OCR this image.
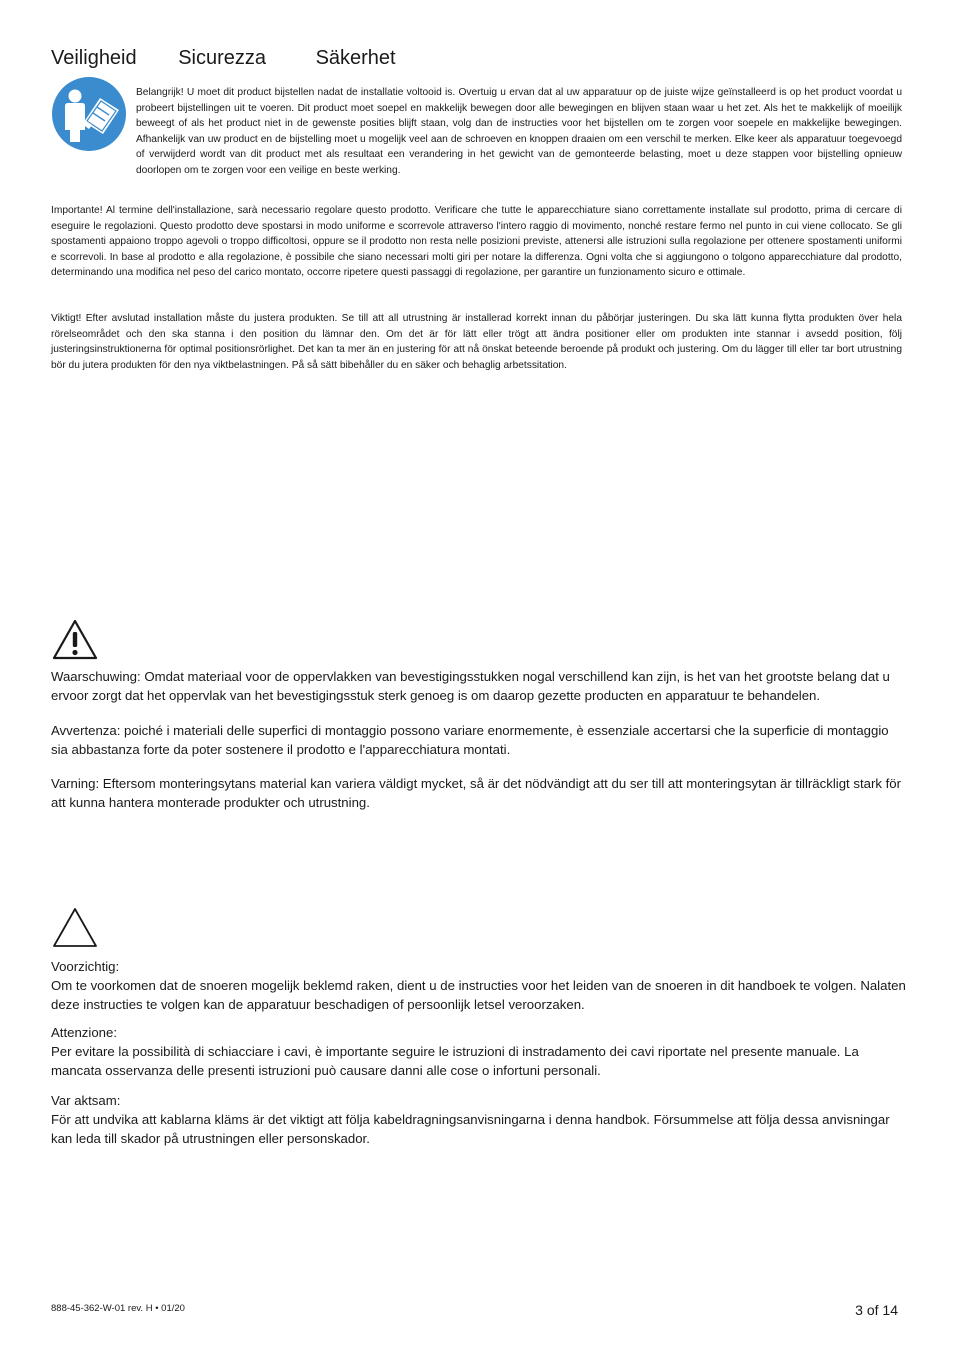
Veiligheid Sicurezza Säkerhet
Belangrijk! U moet dit product bijstellen nadat de installatie voltooid is. Overtuig u ervan dat al uw apparatuur op de juiste wijze geïnstalleerd is op het product voordat u probeert bijstellingen uit te voeren. Dit product moet soepel en makkelijk bewegen door alle bewegingen en blijven staan waar u het zet. Als het te makkelijk of moeilijk beweegt of als het product niet in de gewenste posities blijft staan, volg dan de instructies voor het bijstellen om te zorgen voor soepele en makkelijke bewegingen. Afhankelijk van uw product en de bijstelling moet u mogelijk veel aan de schroeven en knoppen draaien om een verschil te merken. Elke keer als apparatuur toegevoegd of verwijderd wordt van dit product met als resultaat een verandering in het gewicht van de gemonteerde belasting, moet u deze stappen voor bijstelling opnieuw doorlopen om te zorgen voor een veilige en beste werking.
Importante! Al termine dell'installazione, sarà necessario regolare questo prodotto. Verificare che tutte le apparecchiature siano correttamente installate sul prodotto, prima di cercare di eseguire le regolazioni. Questo prodotto deve spostarsi in modo uniforme e scorrevole attraverso l'intero raggio di movimento, nonché restare fermo nel punto in cui viene collocato. Se gli spostamenti appaiono troppo agevoli o troppo difficoltosi, oppure se il prodotto non resta nelle posizioni previste, attenersi alle istruzioni sulla regolazione per ottenere spostamenti uniformi e scorrevoli. In base al prodotto e alla regolazione, è possibile che siano necessari molti giri per notare la differenza. Ogni volta che si aggiungono o tolgono apparecchiature dal prodotto, determinando una modifica nel peso del carico montato, occorre ripetere questi passaggi di regolazione, per garantire un funzionamento sicuro e ottimale.
Viktigt! Efter avslutad installation måste du justera produkten. Se till att all utrustning är installerad korrekt innan du påbörjar justeringen. Du ska lätt kunna flytta produkten över hela rörelseområdet och den ska stanna i den position du lämnar den. Om det är för lätt eller trögt att ändra positioner eller om produkten inte stannar i avsedd position, följ justeringsinstruktionerna för optimal positionsrörlighet. Det kan ta mer än en justering för att nå önskat beteende beroende på produkt och justering. Om du lägger till eller tar bort utrustning bör du jutera produkten för den nya viktbelastningen. På så sätt bibehåller du en säker och behaglig arbetssitation.
Waarschuwing: Omdat materiaal voor de oppervlakken van bevestigingsstukken nogal verschillend kan zijn, is het van het grootste belang dat u ervoor zorgt dat het oppervlak van het bevestigingsstuk sterk genoeg is om daarop gezette producten en apparatuur te behandelen.
Avvertenza: poiché i materiali delle superfici di montaggio possono variare enormemente, è essenziale accertarsi che la superficie di montaggio sia abbastanza forte da poter sostenere il prodotto e l'apparecchiatura montati.
Varning: Eftersom monteringsytans material kan variera väldigt mycket, så är det nödvändigt att du ser till att monteringsytan är tillräckligt stark för att kunna hantera monterade produkter och utrustning.
Voorzichtig:
Om te voorkomen dat de snoeren mogelijk beklemd raken, dient u de instructies voor het leiden van de snoeren in dit handboek te volgen. Nalaten deze instructies te volgen kan de apparatuur beschadigen of persoonlijk letsel veroorzaken.
Attenzione:
Per evitare la possibilità di schiacciare i cavi, è importante seguire le istruzioni di instradamento dei cavi riportate nel presente manuale. La mancata osservanza delle presenti istruzioni può causare danni alle cose o infortuni personali.
Var aktsam:
För att undvika att kablarna kläms är det viktigt att följa kabeldragningsanvisningarna i denna handbok. Försummelse att följa dessa anvisningar kan leda till skador på utrustningen eller personskador.
888-45-362-W-01 rev. H • 01/20	3 of 14
